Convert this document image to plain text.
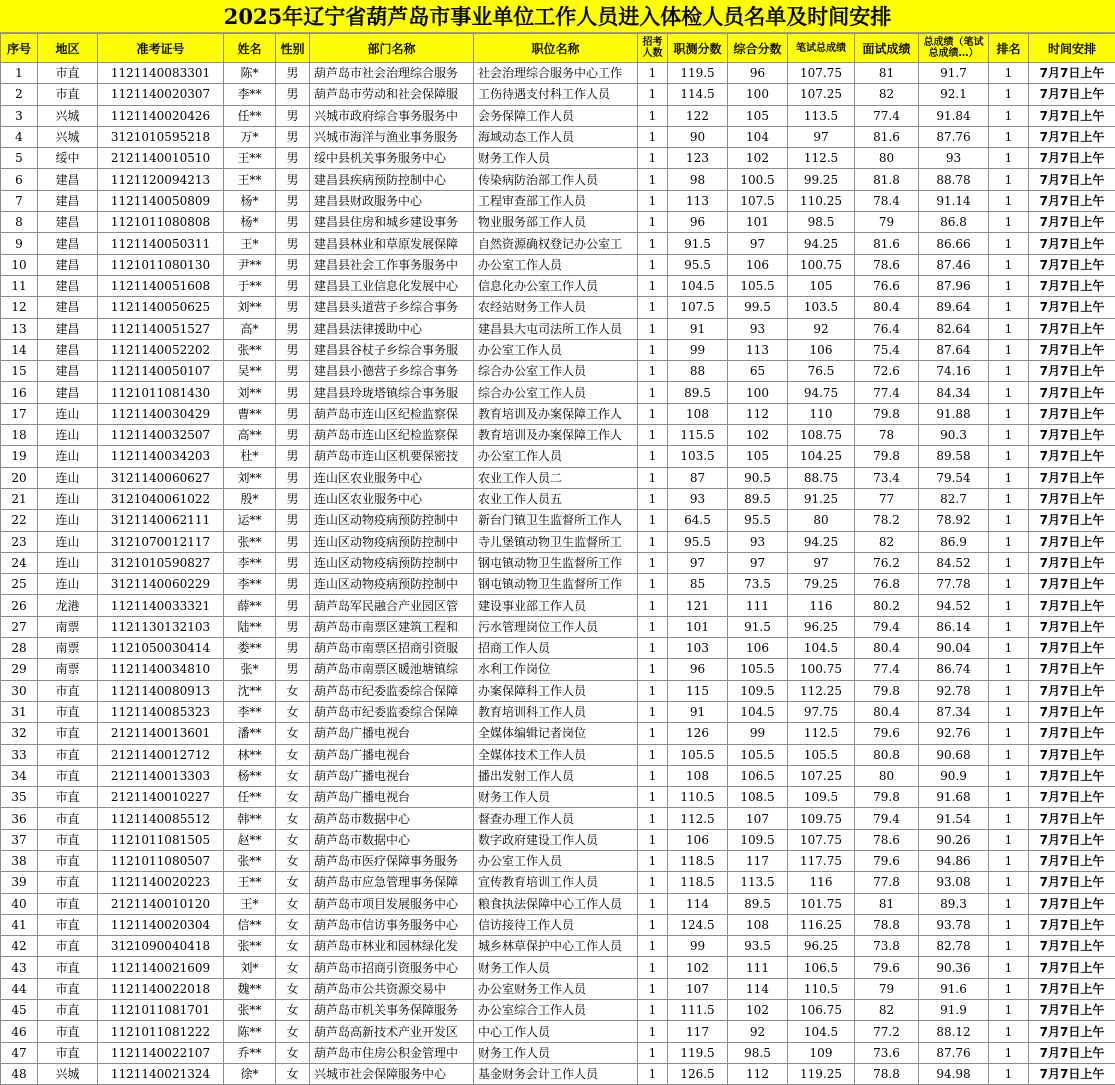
2025年辽宁省葫芦岛市事业单位工作人员进入体检人员名单及时间安排
序号	地区	准考证号	姓名	性别	部门名称	职位名称	招考人数	职测分数	综合分数	笔试总成绩	面试成绩	总成绩（笔试总成绩…）	排名	时间安排
1	市直	1121140083301	陈*	男	葫芦岛市社会治理综合服务	社会治理综合服务中心工作	1	119.5	96	107.75	81	91.7	1	7月7日上午
2	市直	1121140020307	李**	男	葫芦岛市劳动和社会保障服	工伤待遇支付科工作人员	1	114.5	100	107.25	82	92.1	1	7月7日上午
3	兴城	1121140020426	任**	男	兴城市政府综合事务服务中	会务保障工作人员	1	122	105	113.5	77.4	91.84	1	7月7日上午
4	兴城	3121010595218	万*	男	兴城市海洋与渔业事务服务	海域动态工作人员	1	90	104	97	81.6	87.76	1	7月7日上午
5	绥中	2121140010510	王**	男	绥中县机关事务服务中心	财务工作人员	1	123	102	112.5	80	93	1	7月7日上午
6	建昌	1121120094213	王**	男	建昌县疾病预防控制中心	传染病防治部工作人员	1	98	100.5	99.25	81.8	88.78	1	7月7日上午
7	建昌	1121140050809	杨*	男	建昌县财政服务中心	工程审查部工作人员	1	113	107.5	110.25	78.4	91.14	1	7月7日上午
8	建昌	1121011080808	杨*	男	建昌县住房和城乡建设事务	物业服务部工作人员	1	96	101	98.5	79	86.8	1	7月7日上午
9	建昌	1121140050311	王*	男	建昌县林业和草原发展保障	自然资源确权登记办公室工	1	91.5	97	94.25	81.6	86.66	1	7月7日上午
10	建昌	1121011080130	尹**	男	建昌县社会工作事务服务中	办公室工作人员	1	95.5	106	100.75	78.6	87.46	1	7月7日上午
11	建昌	1121140051608	于**	男	建昌县工业信息化发展中心	信息化办公室工作人员	1	104.5	105.5	105	76.6	87.96	1	7月7日上午
12	建昌	1121140050625	刘**	男	建昌县头道营子乡综合事务	农经站财务工作人员	1	107.5	99.5	103.5	80.4	89.64	1	7月7日上午
13	建昌	1121140051527	高*	男	建昌县法律援助中心	建昌县大屯司法所工作人员	1	91	93	92	76.4	82.64	1	7月7日上午
14	建昌	1121140052202	张**	男	建昌县谷杖子乡综合事务服	办公室工作人员	1	99	113	106	75.4	87.64	1	7月7日上午
15	建昌	1121140050107	吴**	男	建昌县小德营子乡综合事务	综合办公室工作人员	1	88	65	76.5	72.6	74.16	1	7月7日上午
16	建昌	1121011081430	刘**	男	建昌县玲珑塔镇综合事务服	综合办公室工作人员	1	89.5	100	94.75	77.4	84.34	1	7月7日上午
17	连山	1121140030429	曹**	男	葫芦岛市连山区纪检监察保	教育培训及办案保障工作人	1	108	112	110	79.8	91.88	1	7月7日上午
18	连山	1121140032507	高**	男	葫芦岛市连山区纪检监察保	教育培训及办案保障工作人	1	115.5	102	108.75	78	90.3	1	7月7日上午
19	连山	1121140034203	杜*	男	葫芦岛市连山区机要保密技	办公室工作人员	1	103.5	105	104.25	79.8	89.58	1	7月7日上午
20	连山	3121140060627	刘**	男	连山区农业服务中心	农业工作人员二	1	87	90.5	88.75	73.4	79.54	1	7月7日上午
21	连山	3121040061022	殷*	男	连山区农业服务中心	农业工作人员五	1	93	89.5	91.25	77	82.7	1	7月7日上午
22	连山	3121140062111	运**	男	连山区动物疫病预防控制中	新台门镇卫生监督所工作人	1	64.5	95.5	80	78.2	78.92	1	7月7日上午
23	连山	3121070012117	张**	男	连山区动物疫病预防控制中	寺儿堡镇动物卫生监督所工	1	95.5	93	94.25	82	86.9	1	7月7日上午
24	连山	3121010590827	李**	男	连山区动物疫病预防控制中	钢屯镇动物卫生监督所工作	1	97	97	97	76.2	84.52	1	7月7日上午
25	连山	3121140060229	李**	男	连山区动物疫病预防控制中	钢屯镇动物卫生监督所工作	1	85	73.5	79.25	76.8	77.78	1	7月7日上午
26	龙港	1121140033321	薛**	男	葫芦岛军民融合产业园区管	建设事业部工作人员	1	121	111	116	80.2	94.52	1	7月7日上午
27	南票	1121130132103	陆**	男	葫芦岛市南票区建筑工程和	污水管理岗位工作人员	1	101	91.5	96.25	79.4	86.14	1	7月7日上午
28	南票	1121050030414	娄**	男	葫芦岛市南票区招商引资服	招商工作人员	1	103	106	104.5	80.4	90.04	1	7月7日上午
29	南票	1121140034810	张*	男	葫芦岛市南票区暖池塘镇综	水利工作岗位	1	96	105.5	100.75	77.4	86.74	1	7月7日上午
30	市直	1121140080913	沈**	女	葫芦岛市纪委监委综合保障	办案保障科工作人员	1	115	109.5	112.25	79.8	92.78	1	7月7日上午
31	市直	1121140085323	李**	女	葫芦岛市纪委监委综合保障	教育培训科工作人员	1	91	104.5	97.75	80.4	87.34	1	7月7日上午
32	市直	2121140013601	潘**	女	葫芦岛广播电视台	全媒体编辑记者岗位	1	126	99	112.5	79.6	92.76	1	7月7日上午
33	市直	2121140012712	林**	女	葫芦岛广播电视台	全媒体技术工作人员	1	105.5	105.5	105.5	80.8	90.68	1	7月7日上午
34	市直	2121140013303	杨**	女	葫芦岛广播电视台	播出发射工作人员	1	108	106.5	107.25	80	90.9	1	7月7日上午
35	市直	2121140010227	任**	女	葫芦岛广播电视台	财务工作人员	1	110.5	108.5	109.5	79.8	91.68	1	7月7日上午
36	市直	1121140085512	韩**	女	葫芦岛市数据中心	督查办理工作人员	1	112.5	107	109.75	79.4	91.54	1	7月7日上午
37	市直	1121011081505	赵**	女	葫芦岛市数据中心	数字政府建设工作人员	1	106	109.5	107.75	78.6	90.26	1	7月7日上午
38	市直	1121011080507	张**	女	葫芦岛市医疗保障事务服务	办公室工作人员	1	118.5	117	117.75	79.6	94.86	1	7月7日上午
39	市直	1121140020223	王**	女	葫芦岛市应急管理事务保障	宣传教育培训工作人员	1	118.5	113.5	116	77.8	93.08	1	7月7日上午
40	市直	2121140010120	王*	女	葫芦岛市项目发展服务中心	粮食执法保障中心工作人员	1	114	89.5	101.75	81	89.3	1	7月7日上午
41	市直	1121140020304	信**	女	葫芦岛市信访事务服务中心	信访接待工作人员	1	124.5	108	116.25	78.8	93.78	1	7月7日上午
42	市直	3121090040418	张**	女	葫芦岛市林业和园林绿化发	城乡林草保护中心工作人员	1	99	93.5	96.25	73.8	82.78	1	7月7日上午
43	市直	1121140021609	刘*	女	葫芦岛市招商引资服务中心	财务工作人员	1	102	111	106.5	79.6	90.36	1	7月7日上午
44	市直	1121140022018	魏**	女	葫芦岛市公共资源交易中	办公室财务工作人员	1	107	114	110.5	79	91.6	1	7月7日上午
45	市直	1121011081701	张**	女	葫芦岛市机关事务保障服务	办公室综合工作人员	1	111.5	102	106.75	82	91.9	1	7月7日上午
46	市直	1121011081222	陈**	女	葫芦岛高新技术产业开发区	中心工作人员	1	117	92	104.5	77.2	88.12	1	7月7日上午
47	市直	1121140022107	乔**	女	葫芦岛市住房公积金管理中	财务工作人员	1	119.5	98.5	109	73.6	87.76	1	7月7日上午
48	兴城	1121140021324	徐*	女	兴城市社会保障服务中心	基金财务会计工作人员	1	126.5	112	119.25	78.8	94.98	1	7月7日上午
